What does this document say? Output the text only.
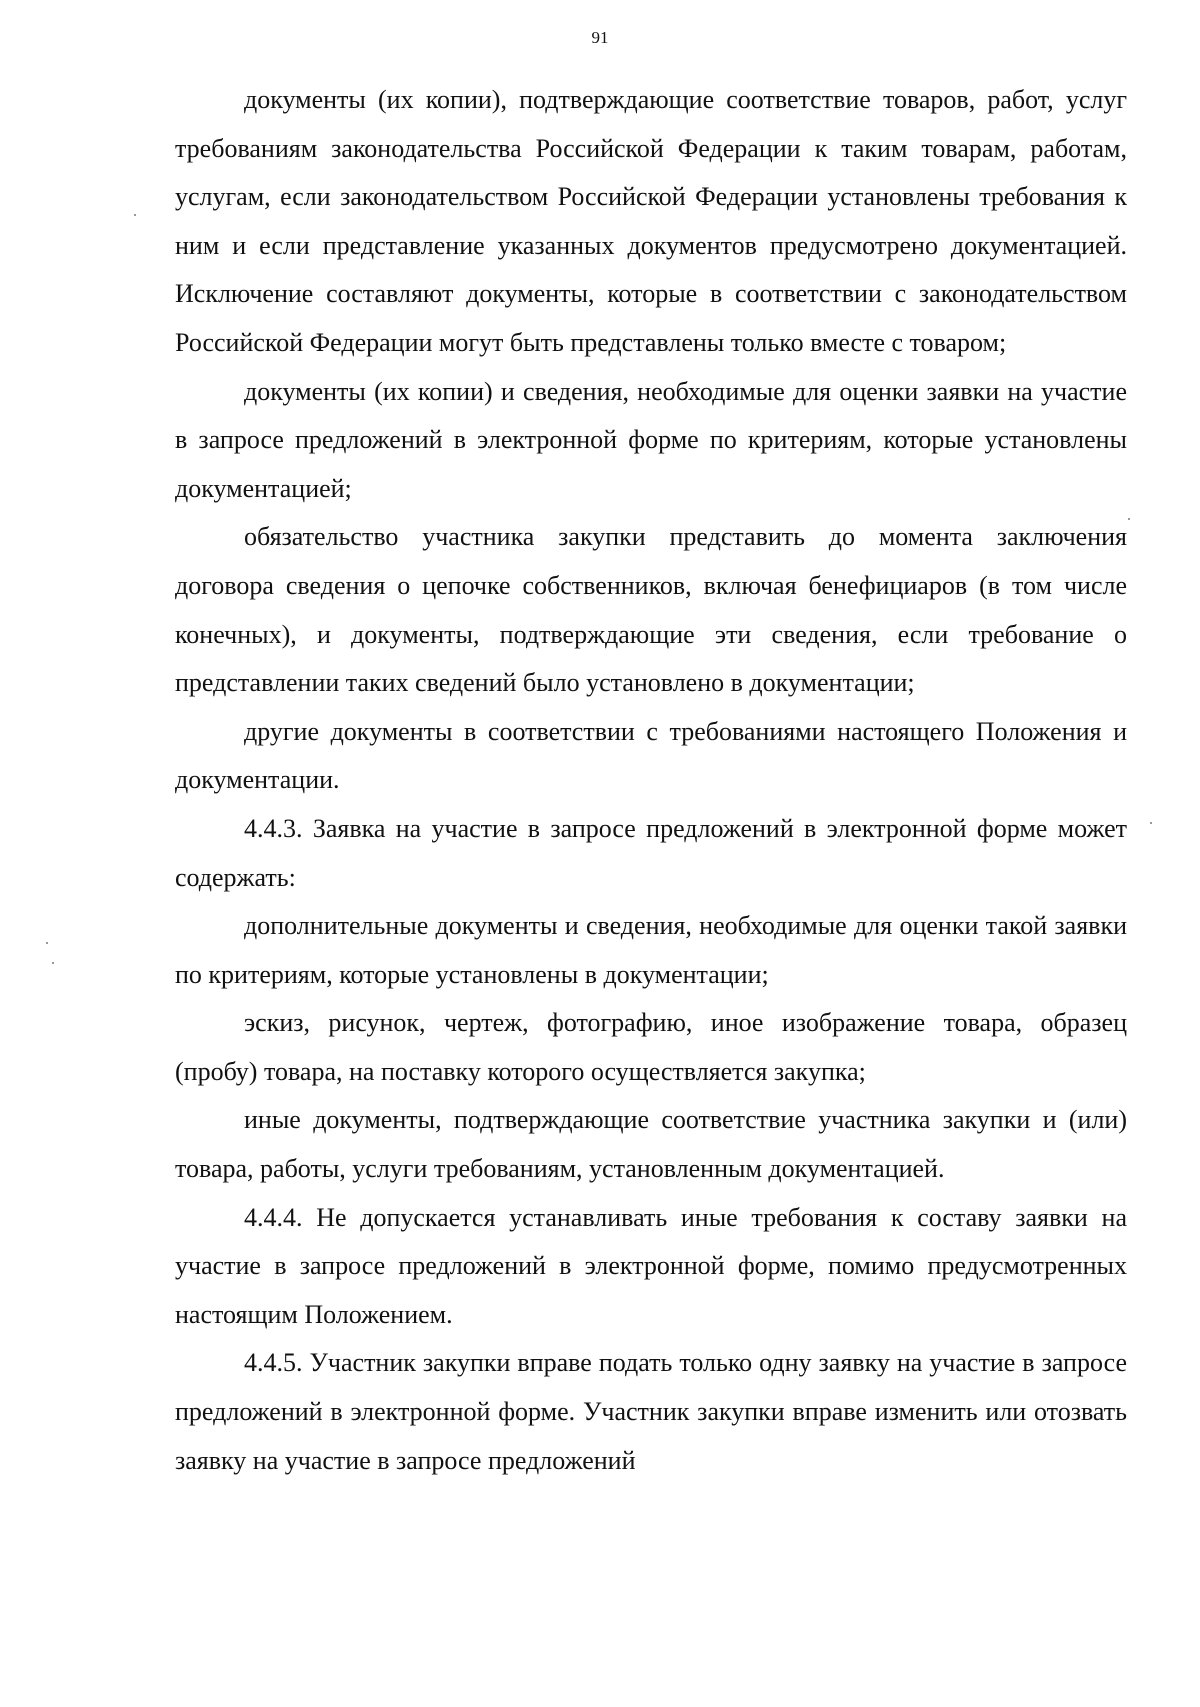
91

документы (их копии), подтверждающие соответствие товаров, работ, услуг требованиям законодательства Российской Федерации к таким товарам, работам, услугам, если законодательством Российской Федерации установлены требования к ним и если представление указанных документов предусмотрено документацией. Исключение составляют документы, которые в соответствии с законодательством Российской Федерации могут быть представлены только вместе с товаром;

документы (их копии) и сведения, необходимые для оценки заявки на участие в запросе предложений в электронной форме по критериям, которые установлены документацией;

обязательство участника закупки представить до момента заключения договора сведения о цепочке собственников, включая бенефициаров (в том числе конечных), и документы, подтверждающие эти сведения, если требование о представлении таких сведений было установлено в документации;

другие документы в соответствии с требованиями настоящего Положения и документации.

4.4.3. Заявка на участие в запросе предложений в электронной форме может содержать:

дополнительные документы и сведения, необходимые для оценки такой заявки по критериям, которые установлены в документации;

эскиз, рисунок, чертеж, фотографию, иное изображение товара, образец (пробу) товара, на поставку которого осуществляется закупка;

иные документы, подтверждающие соответствие участника закупки и (или) товара, работы, услуги требованиям, установленным документацией.

4.4.4. Не допускается устанавливать иные требования к составу заявки на участие в запросе предложений в электронной форме, помимо предусмотренных настоящим Положением.

4.4.5. Участник закупки вправе подать только одну заявку на участие в запросе предложений в электронной форме. Участник закупки вправе изменить или отозвать заявку на участие в запросе предложений
